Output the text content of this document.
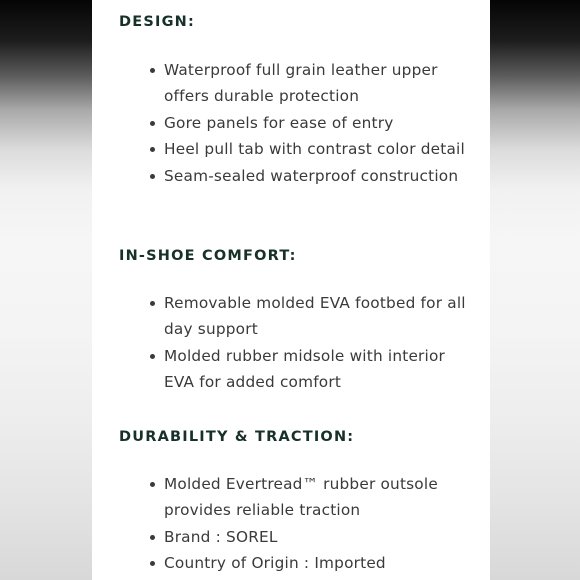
DESIGN:
Waterproof full grain leather upper offers durable protection
Gore panels for ease of entry
Heel pull tab with contrast color detail
Seam-sealed waterproof construction
IN-SHOE COMFORT:
Removable molded EVA footbed for all day support
Molded rubber midsole with interior EVA for added comfort
DURABILITY & TRACTION:
Molded Evertread™ rubber outsole provides reliable traction
Brand : SOREL
Country of Origin : Imported
